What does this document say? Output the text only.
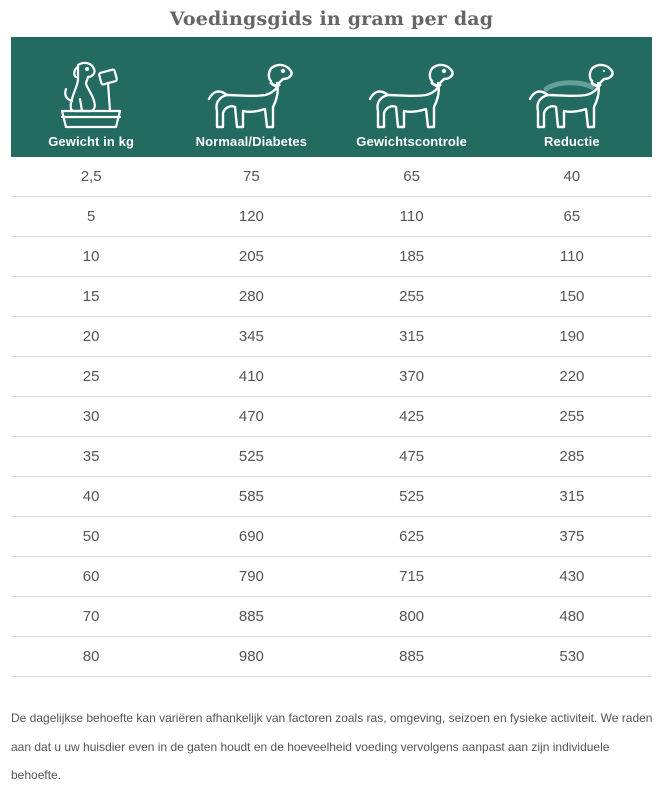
Voedingsgids in gram per dag
Gewicht in kg	Normaal/Diabetes	Gewichtscontrole	Reductie
2,5	75	65	40
5	120	110	65
10	205	185	110
15	280	255	150
20	345	315	190
25	410	370	220
30	470	425	255
35	525	475	285
40	585	525	315
50	690	625	375
60	790	715	430
70	885	800	480
80	980	885	530

De dagelijkse behoefte kan variëren afhankelijk van factoren zoals ras, omgeving, seizoen en fysieke activiteit. We raden aan dat u uw huisdier even in de gaten houdt en de hoeveelheid voeding vervolgens aanpast aan zijn individuele behoefte.
